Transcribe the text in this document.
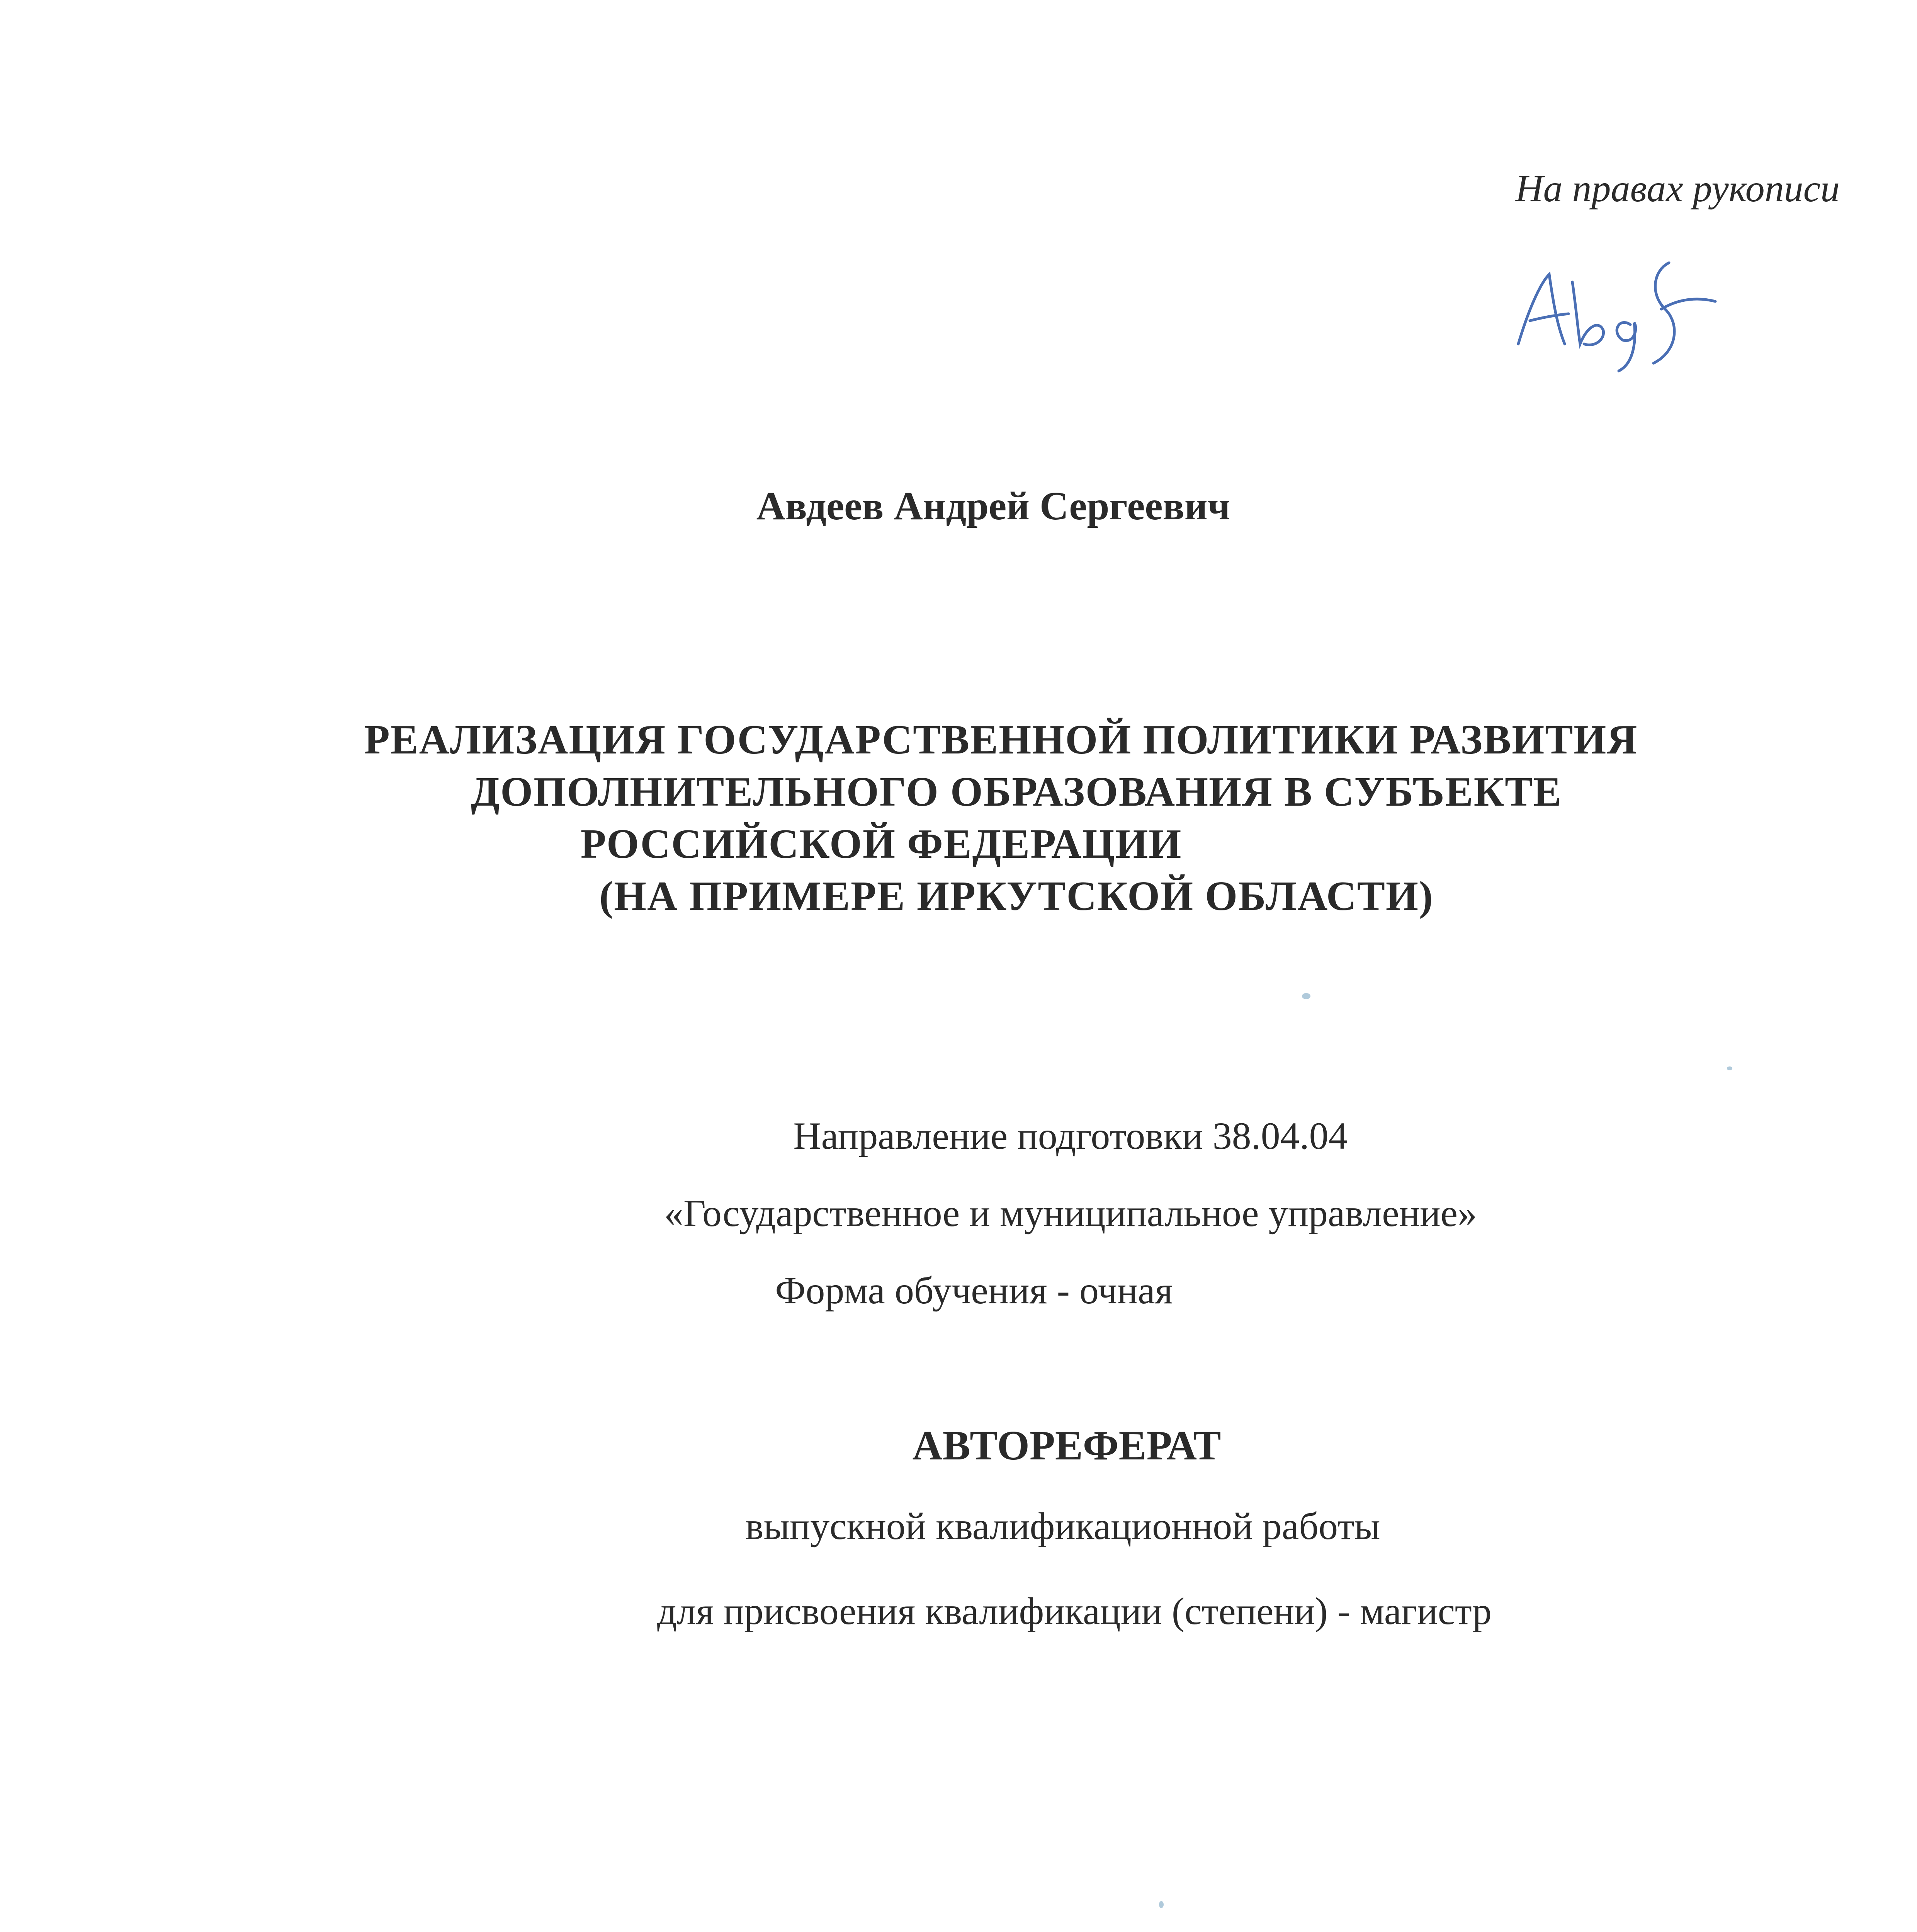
На правах рукописи
Авдеев Андрей Сергеевич
РЕАЛИЗАЦИЯ ГОСУДАРСТВЕННОЙ ПОЛИТИКИ РАЗВИТИЯ
ДОПОЛНИТЕЛЬНОГО ОБРАЗОВАНИЯ В СУБЪЕКТЕ
РОССИЙСКОЙ ФЕДЕРАЦИИ
(НА ПРИМЕРЕ ИРКУТСКОЙ ОБЛАСТИ)
Направление подготовки 38.04.04
«Государственное и муниципальное управление»
Форма обучения - очная
АВТОРЕФЕРАТ
выпускной квалификационной работы
для присвоения квалификации (степени) - магистр
